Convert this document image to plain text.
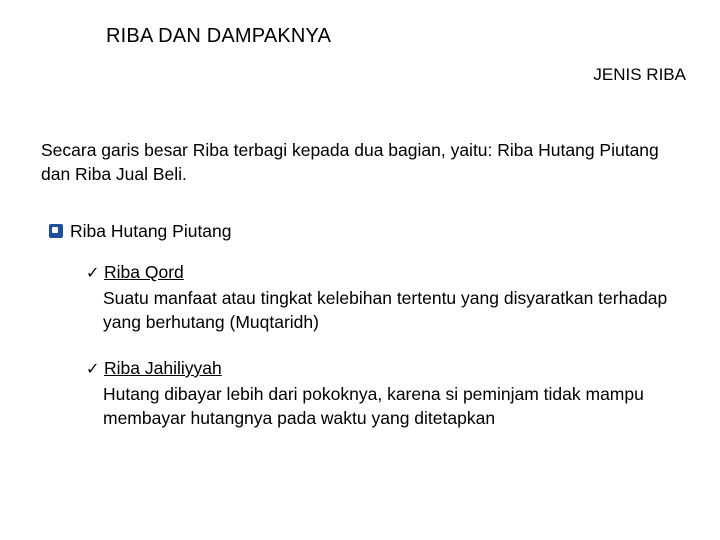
RIBA DAN DAMPAKNYA
JENIS RIBA
Secara garis besar Riba terbagi kepada dua bagian, yaitu: Riba Hutang Piutang dan Riba Jual Beli.
Riba Hutang Piutang
✓ Riba Qord
Suatu manfaat atau tingkat kelebihan tertentu yang disyaratkan terhadap yang berhutang (Muqtaridh)
✓ Riba Jahiliyyah
Hutang dibayar lebih dari pokoknya, karena si peminjam tidak mampu membayar hutangnya pada waktu yang ditetapkan
